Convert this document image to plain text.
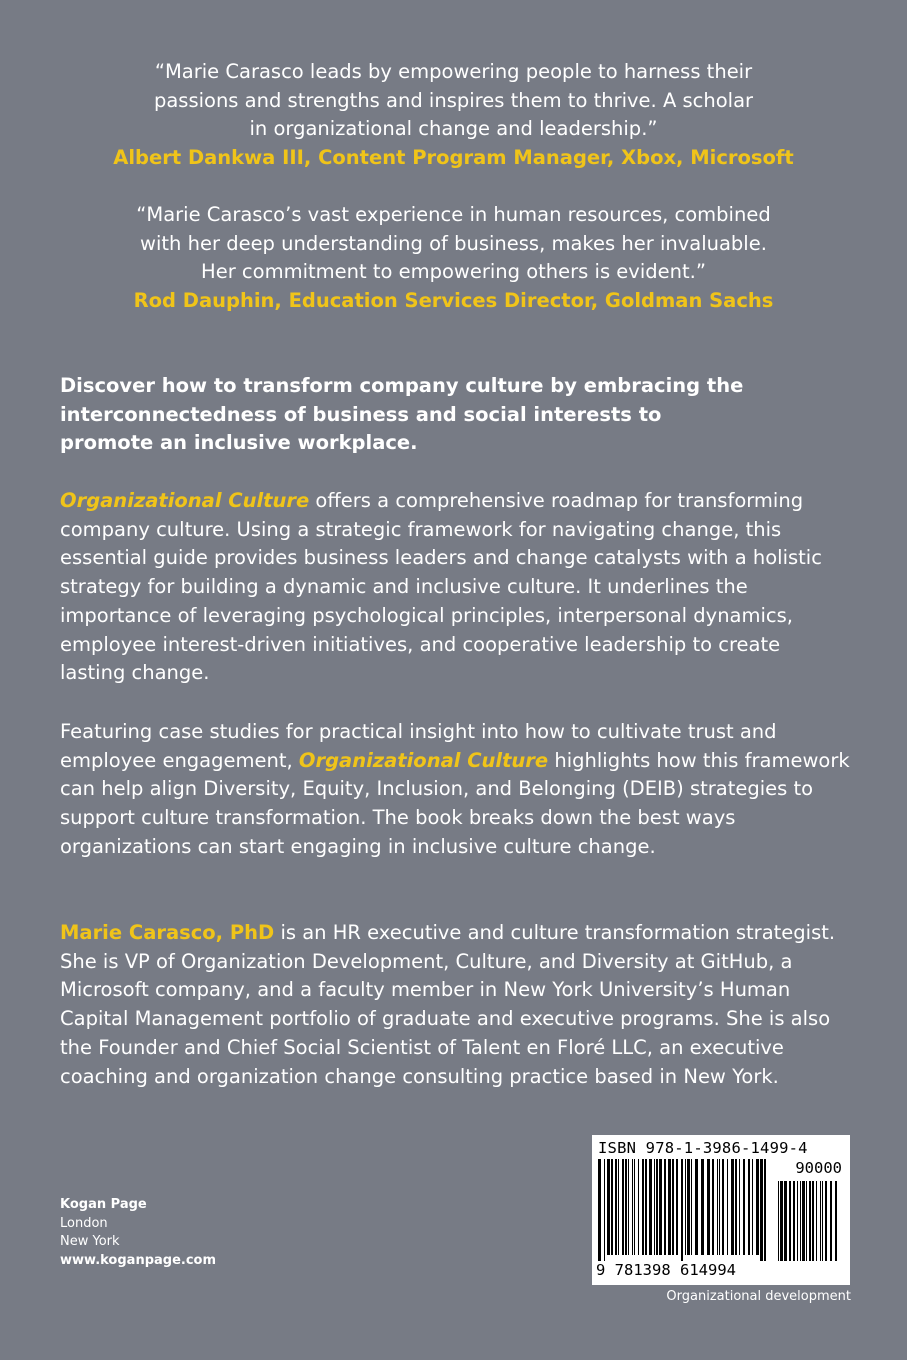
“Marie Carasco leads by empowering people to harness their
passions and strengths and inspires them to thrive. A scholar
in organizational change and leadership.”
Albert Dankwa III, Content Program Manager, Xbox, Microsoft
“Marie Carasco’s vast experience in human resources, combined
with her deep understanding of business, makes her invaluable.
Her commitment to empowering others is evident.”
Rod Dauphin, Education Services Director, Goldman Sachs
Discover how to transform company culture by embracing the interconnectedness of business and social interests to promote an inclusive workplace.
Organizational Culture offers a comprehensive roadmap for transforming company culture. Using a strategic framework for navigating change, this essential guide provides business leaders and change catalysts with a holistic strategy for building a dynamic and inclusive culture. It underlines the importance of leveraging psychological principles, interpersonal dynamics, employee interest-driven initiatives, and cooperative leadership to create lasting change.
Featuring case studies for practical insight into how to cultivate trust and employee engagement, Organizational Culture highlights how this framework can help align Diversity, Equity, Inclusion, and Belonging (DEIB) strategies to support culture transformation. The book breaks down the best ways organizations can start engaging in inclusive culture change.
Marie Carasco, PhD is an HR executive and culture transformation strategist. She is VP of Organization Development, Culture, and Diversity at GitHub, a Microsoft company, and a faculty member in New York University’s Human Capital Management portfolio of graduate and executive programs. She is also the Founder and Chief Social Scientist of Talent en Floré LLC, an executive coaching and organization change consulting practice based in New York.
Kogan Page
London
New York
www.koganpage.com
ISBN 978-1-3986-1499-4
90000
9 781398 614994
Organizational development
